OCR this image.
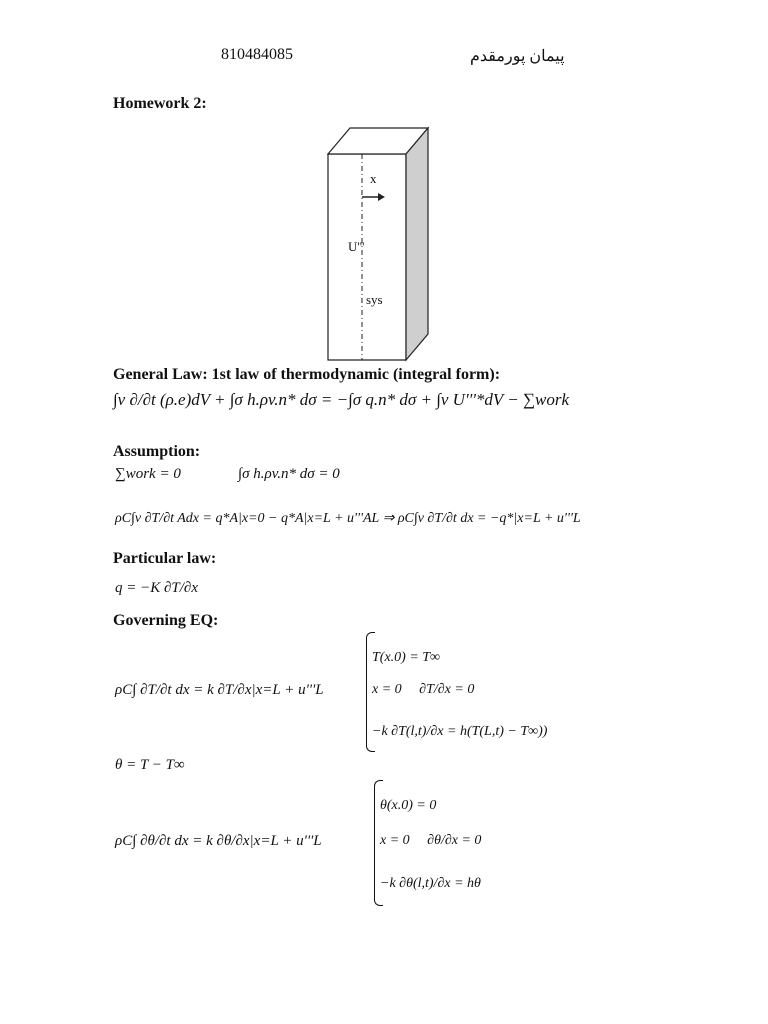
810484085	پیمان پورمقدم
Homework 2:
x
U'''
sys
General Law: 1st law of thermodynamic (integral form):
∫v ∂/∂t (ρ.e)dV + ∫σ h.ρv.n* dσ = −∫σ q.n* dσ + ∫v U'''*dV − ∑work
Assumption:
∑work = 0	∫σ h.ρv.n* dσ = 0
ρC∫v ∂T/∂t Adx = q*A|x=0 − q*A|x=L + u'''AL ⇒ ρC∫v ∂T/∂t dx = −q*|x=L + u'''L
Particular law:
q = −K ∂T/∂x
Governing EQ:
ρC∫ ∂T/∂t dx = k ∂T/∂x|x=L + u'''L
T(x.0) = T∞
x = 0     ∂T/∂x = 0
−k ∂T(l,t)/∂x = h(T(L,t) − T∞))
θ = T − T∞
ρC∫ ∂θ/∂t dx = k ∂θ/∂x|x=L + u'''L
θ(x.0) = 0
x = 0     ∂θ/∂x = 0
−k ∂θ(l,t)/∂x = hθ
